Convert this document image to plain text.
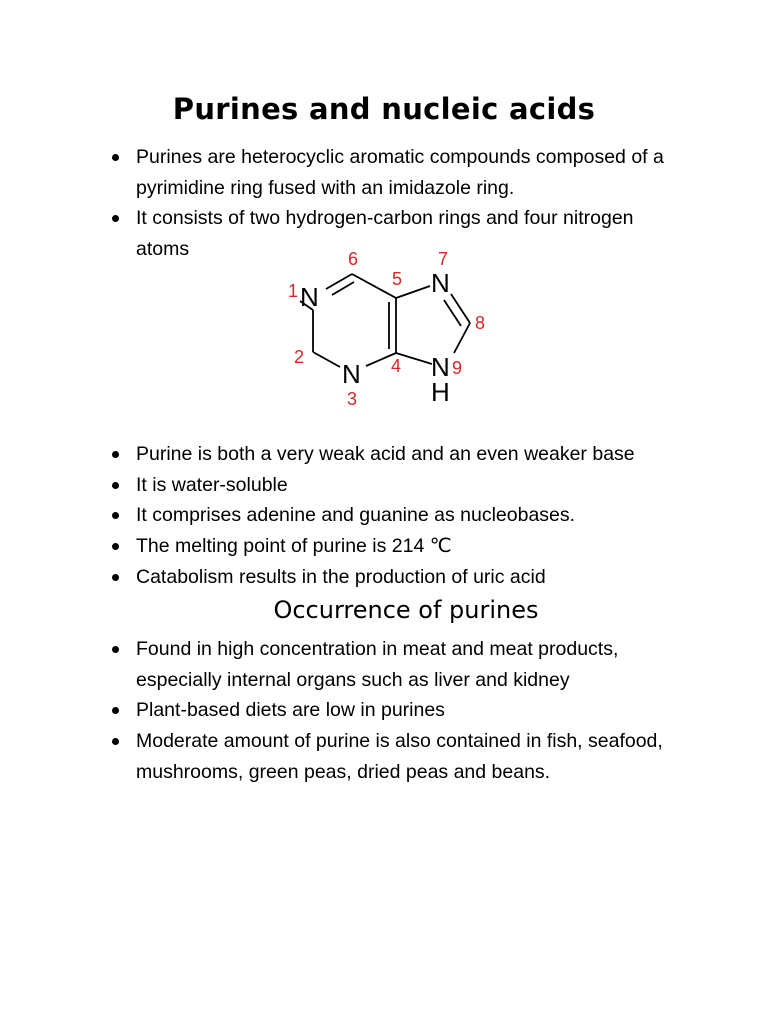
Purines and nucleic acids
Purines are heterocyclic aromatic compounds composed of a pyrimidine ring fused with an imidazole ring.
It consists of two hydrogen-carbon rings and four nitrogen atoms
N
N
N
N
H
1
2
3
4
5
6	7
8
9
Purine is both a very weak acid and an even weaker base
It is water-soluble
It comprises adenine and guanine as nucleobases.
The melting point of purine is 214 ℃
Catabolism results in the production of uric acid
Occurrence of purines
Found in high concentration in meat and meat products, especially internal organs such as liver and kidney
Plant-based diets are low in purines
Moderate amount of purine is also contained in fish, seafood, mushrooms, green peas, dried peas and beans.
